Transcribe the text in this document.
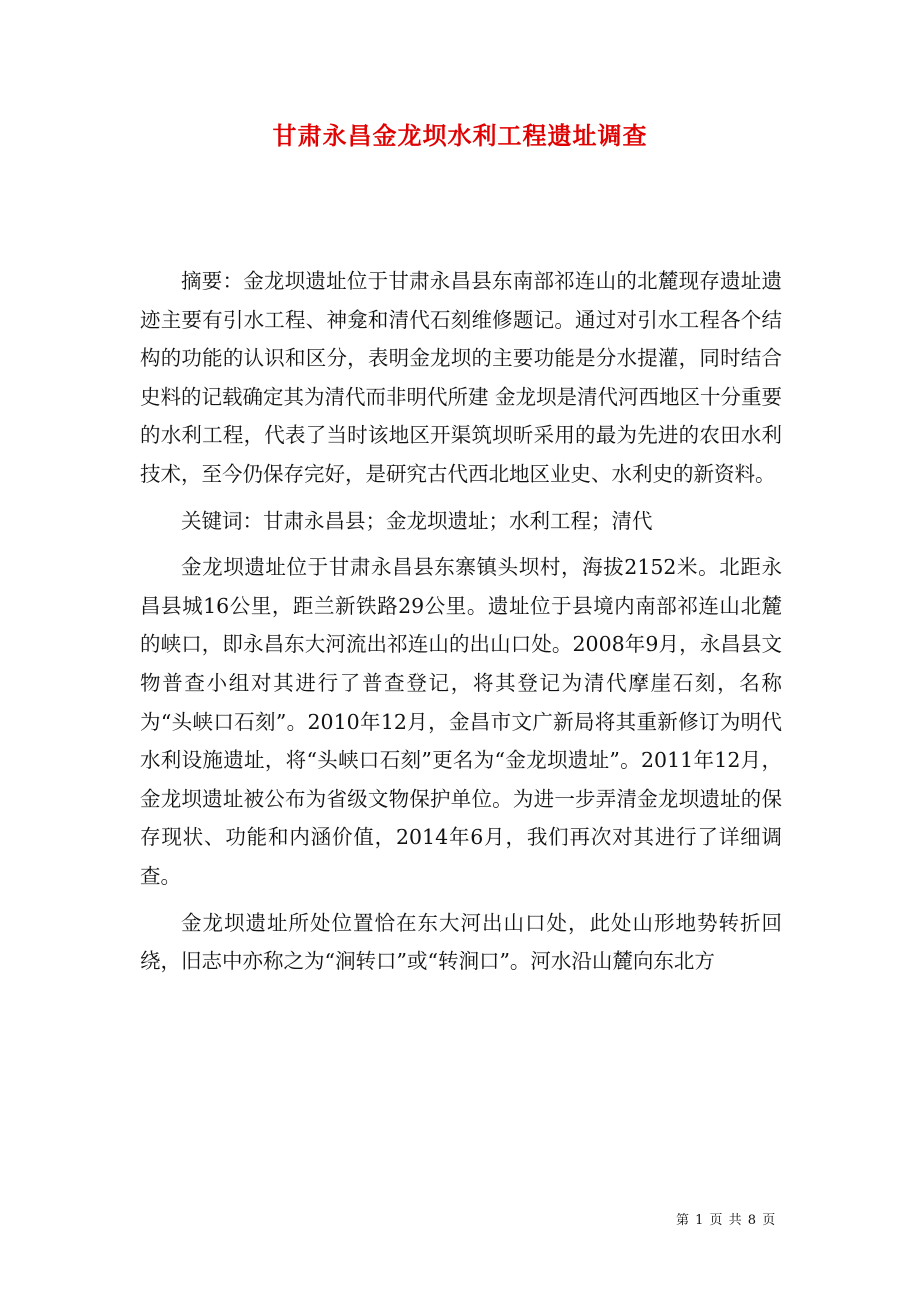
甘肃永昌金龙坝水利工程遗址调查

摘要：金龙坝遗址位于甘肃永昌县东南部祁连山的北麓现存遗址遗迹主要有引水工程、神龛和清代石刻维修题记。通过对引水工程各个结构的功能的认识和区分，表明金龙坝的主要功能是分水提灌，同时结合史料的记载确定其为清代而非明代所建 金龙坝是清代河西地区十分重要的水利工程，代表了当时该地区开渠筑坝昕采用的最为先进的农田水利技术，至今仍保存完好，是研究古代西北地区业史、水利史的新资料。

关键词：甘肃永昌县；金龙坝遗址；水利工程；清代

金龙坝遗址位于甘肃永昌县东寨镇头坝村，海拔2152米。北距永昌县城16公里，距兰新铁路29公里。遗址位于县境内南部祁连山北麓的峡口，即永昌东大河流出祁连山的出山口处。2008年9月，永昌县文物普查小组对其进行了普查登记，将其登记为清代摩崖石刻，名称为“头峡口石刻”。2010年12月，金昌市文广新局将其重新修订为明代水利设施遗址，将“头峡口石刻”更名为“金龙坝遗址”。2011年12月，金龙坝遗址被公布为省级文物保护单位。为进一步弄清金龙坝遗址的保存现状、功能和内涵价值，2014年6月，我们再次对其进行了详细调查。

金龙坝遗址所处位置恰在东大河出山口处，此处山形地势转折回绕，旧志中亦称之为“涧转口”或“转涧口”。河水沿山麓向东北方

第 1 页 共 8 页
